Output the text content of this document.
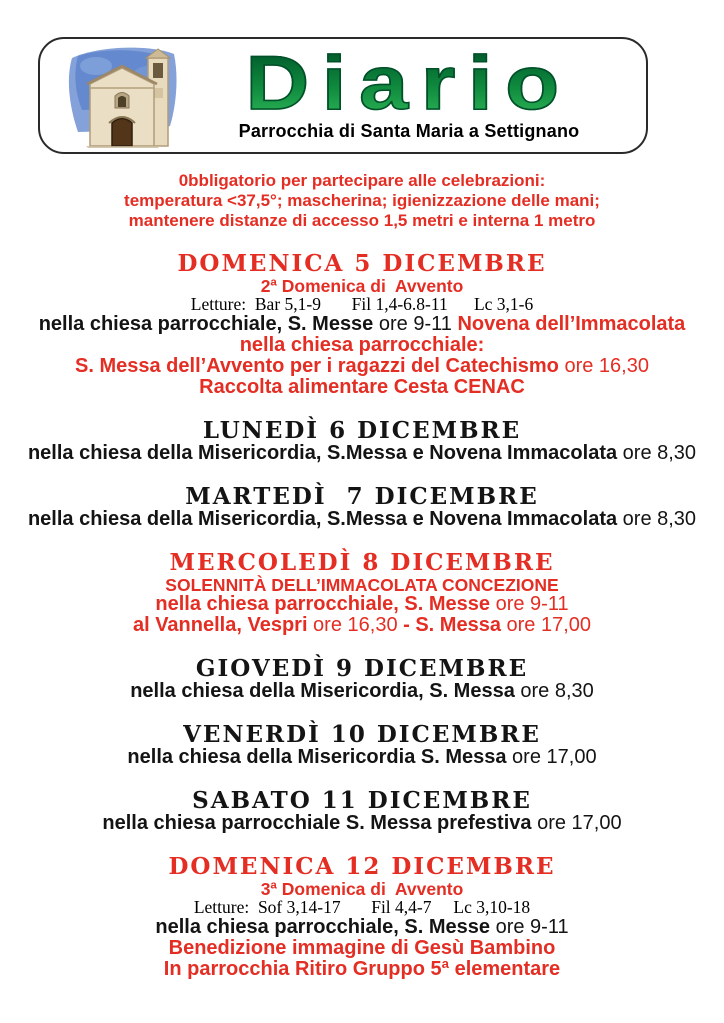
Diario
Parrocchia di Santa Maria a Settignano
0bbligatorio per partecipare alle celebrazioni:
temperatura <37,5°; mascherina; igienizzazione delle mani;
mantenere distanze di accesso 1,5 metri e interna 1 metro
DOMENICA 5 DICEMBRE
2ª Domenica di  Avvento
Letture:  Bar 5,1-9       Fil 1,4-6.8-11      Lc 3,1-6
nella chiesa parrocchiale, S. Messe ore 9-11 Novena dell’Immacolata
nella chiesa parrocchiale:
S. Messa dell’Avvento per i ragazzi del Catechismo ore 16,30
Raccolta alimentare Cesta CENAC
LUNEDÌ 6 DICEMBRE
nella chiesa della Misericordia, S.Messa e Novena Immacolata ore 8,30
MARTEDÌ  7 DICEMBRE
nella chiesa della Misericordia, S.Messa e Novena Immacolata ore 8,30
MERCOLEDÌ 8 DICEMBRE
SOLENNITÀ DELL’IMMACOLATA CONCEZIONE
nella chiesa parrocchiale, S. Messe ore 9-11
al Vannella, Vespri ore 16,30 - S. Messa ore 17,00
GIOVEDÌ 9 DICEMBRE
nella chiesa della Misericordia, S. Messa ore 8,30
VENERDÌ 10 DICEMBRE
nella chiesa della Misericordia S. Messa ore 17,00
SABATO 11 DICEMBRE
nella chiesa parrocchiale S. Messa prefestiva ore 17,00
DOMENICA 12 DICEMBRE
3ª Domenica di  Avvento
Letture:  Sof 3,14-17       Fil 4,4-7     Lc 3,10-18
nella chiesa parrocchiale, S. Messe ore 9-11
Benedizione immagine di Gesù Bambino
In parrocchia Ritiro Gruppo 5ª elementare
